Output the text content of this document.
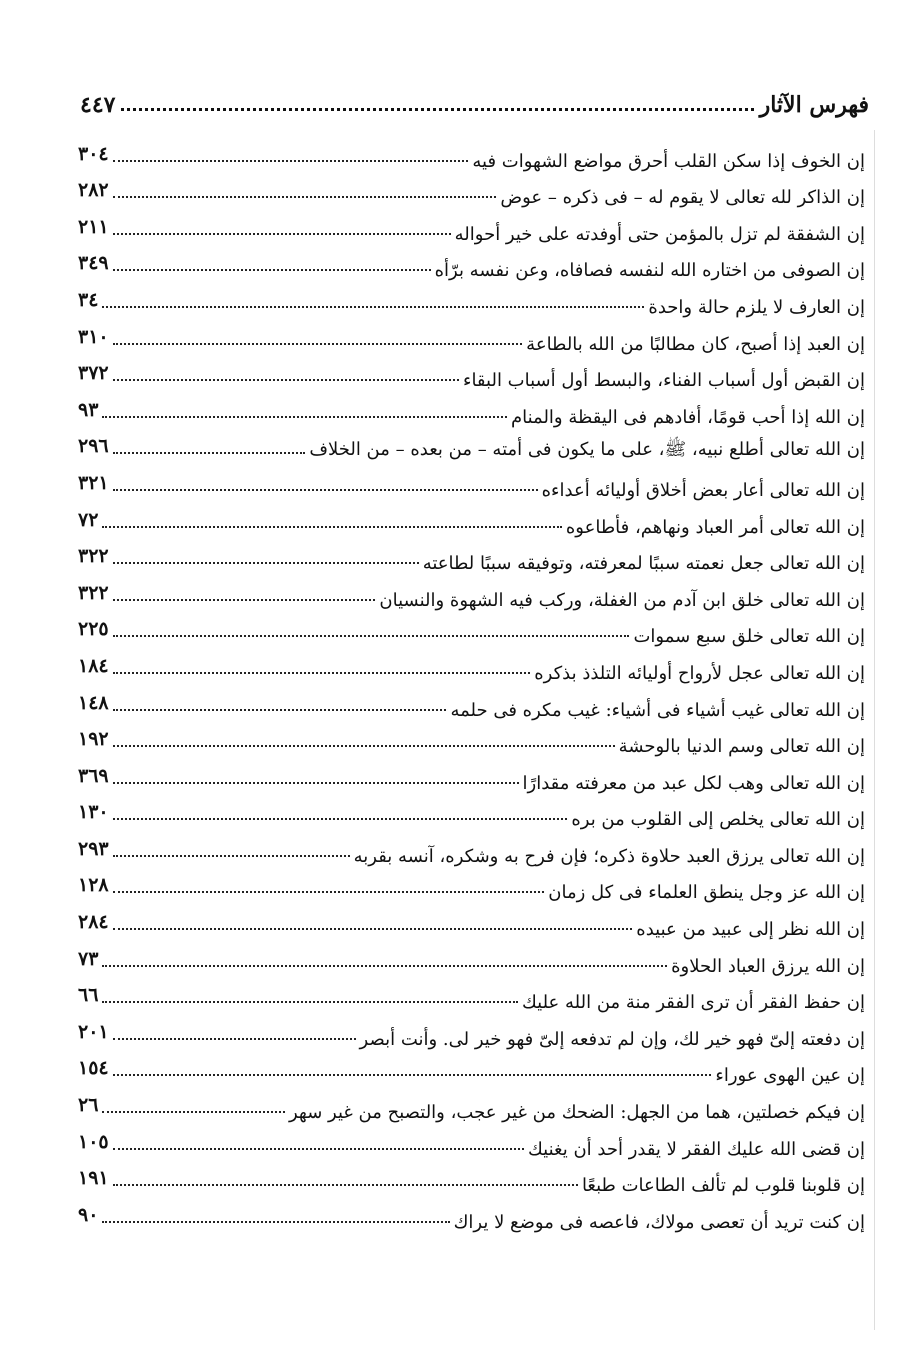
٤٤٧	فهرس الآثار
٣٠٤	إن الخوف إذا سكن القلب أحرق مواضع الشهوات فيه
٢٨٢	إن الذاكر لله تعالى لا يقوم له – فى ذكره – عوض
٢١١	إن الشفقة لم تزل بالمؤمن حتى أوفدته على خير أحواله
٣٤٩	إن الصوفى من اختاره الله لنفسه فصافاه، وعن نفسه برّأه
٣٤	إن العارف لا يلزم حالة واحدة
٣١٠	إن العبد إذا أصبح، كان مطالبًا من الله بالطاعة
٣٧٢	إن القبض أول أسباب الفناء، والبسط أول أسباب البقاء
٩٣	إن الله إذا أحب قومًا، أفادهم فى اليقظة والمنام
٢٩٦	إن الله تعالى أطلع نبيه، ﷺ، على ما يكون فى أمته – من بعده – من الخلاف
٣٢١	إن الله تعالى أعار بعض أخلاق أوليائه أعداءه
٧٢	إن الله تعالى أمر العباد ونهاهم، فأطاعوه
٣٢٢	إن الله تعالى جعل نعمته سببًا لمعرفته، وتوفيقه سببًا لطاعته
٣٢٢	إن الله تعالى خلق ابن آدم من الغفلة، وركب فيه الشهوة والنسيان
٢٢٥	إن الله تعالى خلق سبع سموات
١٨٤	إن الله تعالى عجل لأرواح أوليائه التلذذ بذكره
١٤٨	إن الله تعالى غيب أشياء فى أشياء: غيب مكره فى حلمه
١٩٢	إن الله تعالى وسم الدنيا بالوحشة
٣٦٩	إن الله تعالى وهب لكل عبد من معرفته مقدارًا
١٣٠	إن الله تعالى يخلص إلى القلوب من بره
٢٩٣	إن الله تعالى يرزق العبد حلاوة ذكره؛ فإن فرح به وشكره، آنسه بقربه
١٢٨	إن الله عز وجل ينطق العلماء فى كل زمان
٢٨٤	إن الله نظر إلى عبيد من عبيده
٧٣	إن الله يرزق العباد الحلاوة
٦٦	إن حفظ الفقر أن ترى الفقر منة من الله عليك
٢٠١	إن دفعته إلىّ فهو خير لك، وإن لم تدفعه إلىّ فهو خير لى. وأنت أبصر
١٥٤	إن عين الهوى عوراء
٢٦	إن فيكم خصلتين، هما من الجهل: الضحك من غير عجب، والتصبح من غير سهر
١٠٥	إن قضى الله عليك الفقر لا يقدر أحد أن يغنيك
١٩١	إن قلوبنا قلوب لم تألف الطاعات طبعًا
٩٠	إن كنت تريد أن تعصى مولاك، فاعصه فى موضع لا يراك
